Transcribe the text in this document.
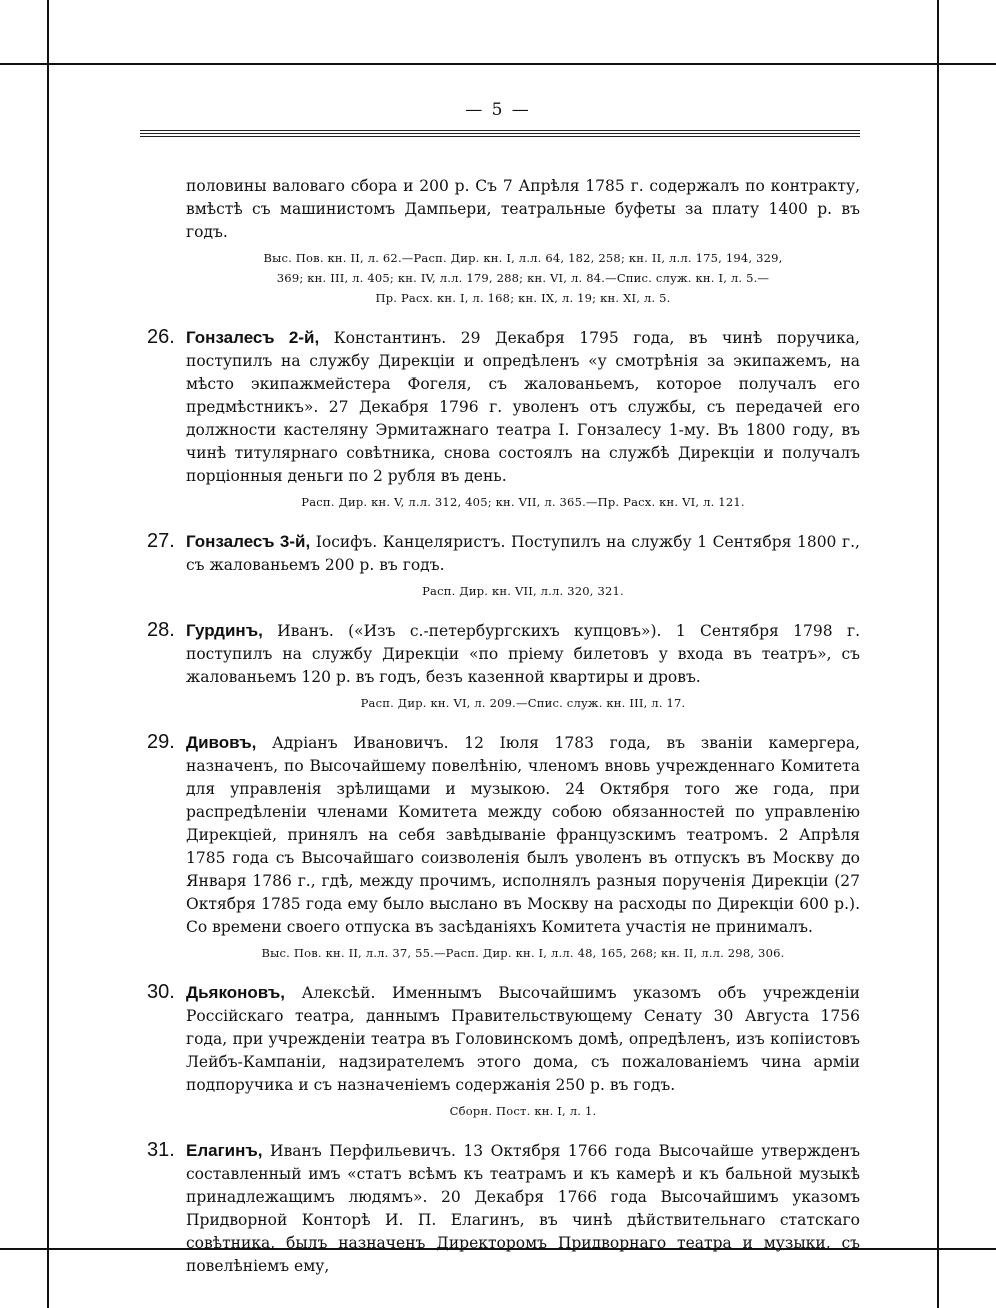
— 5 —

половины валоваго сбора и 200 р. Съ 7 Апрѣля 1785 г. содержалъ по контракту, вмѣстѣ съ машинистомъ Дампьери, театральные буфеты за плату 1400 р. въ годъ.

Выс. Пов. кн. II, л. 62.—Расп. Дир. кн. I, л.л. 64, 182, 258; кн. II, л.л. 175, 194, 329,

369; кн. III, л. 405; кн. IV, л.л. 179, 288; кн. VI, л. 84.—Спис. служ. кн. I, л. 5.—

Пр. Расх. кн. I, л. 168; кн. IX, л. 19; кн. XI, л. 5.

26. Гонзалесъ 2-й, Константинъ. 29 Декабря 1795 года, въ чинѣ поручика, поступилъ на службу Дирекціи и опредѣленъ «у смотрѣнія за экипажемъ, на мѣсто экипажмейстера Фогеля, съ жалованьемъ, которое получалъ его предмѣстникъ». 27 Декабря 1796 г. уволенъ отъ службы, съ передачей его должности кастеляну Эрмитажнаго театра I. Гонзалесу 1-му. Въ 1800 году, въ чинѣ титулярнаго совѣтника, снова состоялъ на службѣ Дирекціи и получалъ порціонныя деньги по 2 рубля въ день.

Расп. Дир. кн. V, л.л. 312, 405; кн. VII, л. 365.—Пр. Расх. кн. VI, л. 121.

27. Гонзалесъ 3-й, Іосифъ. Канцеляристъ. Поступилъ на службу 1 Сентября 1800 г., съ жалованьемъ 200 р. въ годъ.

Расп. Дир. кн. VII, л.л. 320, 321.

28. Гурдинъ, Иванъ. («Изъ с.-петербургскихъ купцовъ»). 1 Сентября 1798 г. поступилъ на службу Дирекціи «по пріему билетовъ у входа въ театръ», съ жалованьемъ 120 р. въ годъ, безъ казенной квартиры и дровъ.

Расп. Дир. кн. VI, л. 209.—Спис. служ. кн. III, л. 17.

29. Дивовъ, Адріанъ Ивановичъ. 12 Іюля 1783 года, въ званіи камергера, назначенъ, по Высочайшему повелѣнію, членомъ вновь учрежденнаго Комитета для управленія зрѣлищами и музыкою. 24 Октября того же года, при распредѣленіи членами Комитета между собою обязанностей по управленію Дирекціей, принялъ на себя завѣдываніе французскимъ театромъ. 2 Апрѣля 1785 года съ Высочайшаго соизволенія былъ уволенъ въ отпускъ въ Москву до Января 1786 г., гдѣ, между прочимъ, исполнялъ разныя порученія Дирекціи (27 Октября 1785 года ему было выслано въ Москву на расходы по Дирекціи 600 р.). Со времени своего отпуска въ засѣданіяхъ Комитета участія не принималъ.

Выс. Пов. кн. II, л.л. 37, 55.—Расп. Дир. кн. I, л.л. 48, 165, 268; кн. II, л.л. 298, 306.

30. Дьяконовъ, Алексѣй. Именнымъ Высочайшимъ указомъ объ учрежденіи Россійскаго театра, даннымъ Правительствующему Сенату 30 Августа 1756 года, при учрежденіи театра въ Головинскомъ домѣ, опредѣленъ, изъ копіистовъ Лейбъ-Кампаніи, надзирателемъ этого дома, съ пожалованіемъ чина арміи подпоручика и съ назначеніемъ содержанія 250 р. въ годъ.

Сборн. Пост. кн. I, л. 1.

31. Елагинъ, Иванъ Перфильевичъ. 13 Октября 1766 года Высочайше утвержденъ составленный имъ «статъ всѣмъ къ театрамъ и къ камерѣ и къ бальной музыкѣ принадлежащимъ людямъ». 20 Декабря 1766 года Высочайшимъ указомъ Придворной Конторѣ И. П. Елагинъ, въ чинѣ дѣйствительнаго статскаго совѣтника, былъ назначенъ Директоромъ Придворнаго театра и музыки, съ повелѣніемъ ему,
